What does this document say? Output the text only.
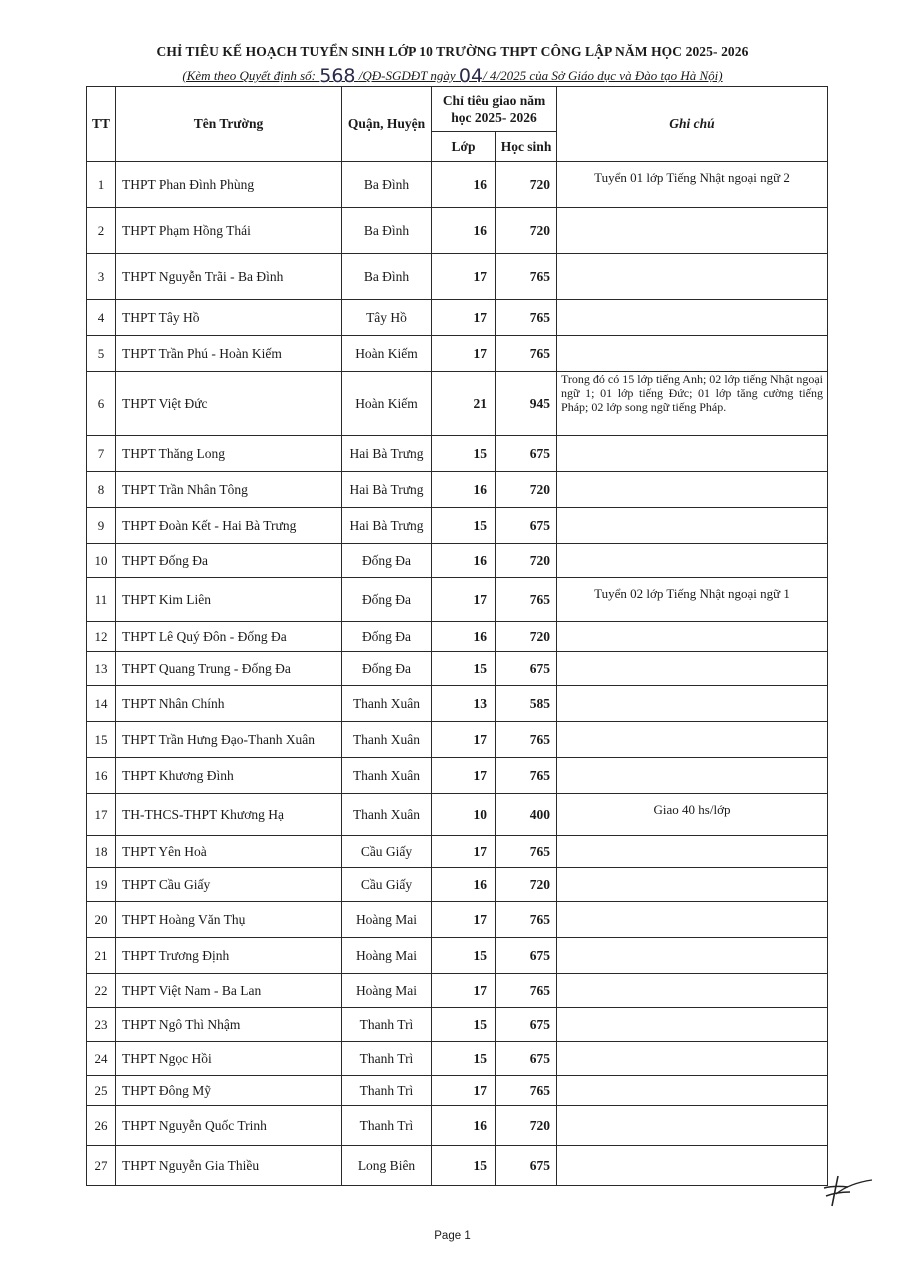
CHỈ TIÊU KẾ HOẠCH TUYỂN SINH LỚP 10 TRƯỜNG THPT CÔNG LẬP NĂM HỌC 2025- 2026
(Kèm theo Quyết định số: 568 /QĐ-SGDĐT ngày 04/ 4/2025 của Sở Giáo dục và Đào tạo Hà Nội)
TT	Tên Trường	Quận, Huyện	Chỉ tiêu giao năm học 2025- 2026		Ghi chú
			Lớp	Học sinh	
1	THPT Phan Đình Phùng	Ba Đình	16	720	Tuyển 01 lớp Tiếng Nhật ngoại ngữ 2
2	THPT Phạm Hồng Thái	Ba Đình	16	720	
3	THPT Nguyễn Trãi - Ba Đình	Ba Đình	17	765	
4	THPT Tây Hồ	Tây Hồ	17	765	
5	THPT Trần Phú - Hoàn Kiếm	Hoàn Kiếm	17	765	
6	THPT Việt Đức	Hoàn Kiếm	21	945	Trong đó có 15 lớp tiếng Anh; 02 lớp tiếng Nhật ngoại ngữ 1; 01 lớp tiếng Đức; 01 lớp tăng cường tiếng Pháp; 02 lớp song ngữ tiếng Pháp.
7	THPT Thăng Long	Hai Bà Trưng	15	675	
8	THPT Trần Nhân Tông	Hai Bà Trưng	16	720	
9	THPT Đoàn Kết - Hai Bà Trưng	Hai Bà Trưng	15	675	
10	THPT Đống Đa	Đống Đa	16	720	
11	THPT Kim Liên	Đống Đa	17	765	Tuyển 02 lớp Tiếng Nhật ngoại ngữ 1
12	THPT Lê Quý Đôn - Đống Đa	Đống Đa	16	720	
13	THPT Quang Trung - Đống Đa	Đống Đa	15	675	
14	THPT Nhân Chính	Thanh Xuân	13	585	
15	THPT Trần Hưng Đạo-Thanh Xuân	Thanh Xuân	17	765	
16	THPT Khương Đình	Thanh Xuân	17	765	
17	TH-THCS-THPT Khương Hạ	Thanh Xuân	10	400	Giao 40 hs/lớp
18	THPT Yên Hoà	Cầu Giấy	17	765	
19	THPT Cầu Giấy	Cầu Giấy	16	720	
20	THPT Hoàng Văn Thụ	Hoàng Mai	17	765	
21	THPT Trương Định	Hoàng Mai	15	675	
22	THPT Việt Nam - Ba Lan	Hoàng Mai	17	765	
23	THPT Ngô Thì Nhậm	Thanh Trì	15	675	
24	THPT Ngọc Hồi	Thanh Trì	15	675	
25	THPT Đông Mỹ	Thanh Trì	17	765	
26	THPT Nguyễn Quốc Trinh	Thanh Trì	16	720	
27	THPT Nguyễn Gia Thiều	Long Biên	15	675	
Page 1
